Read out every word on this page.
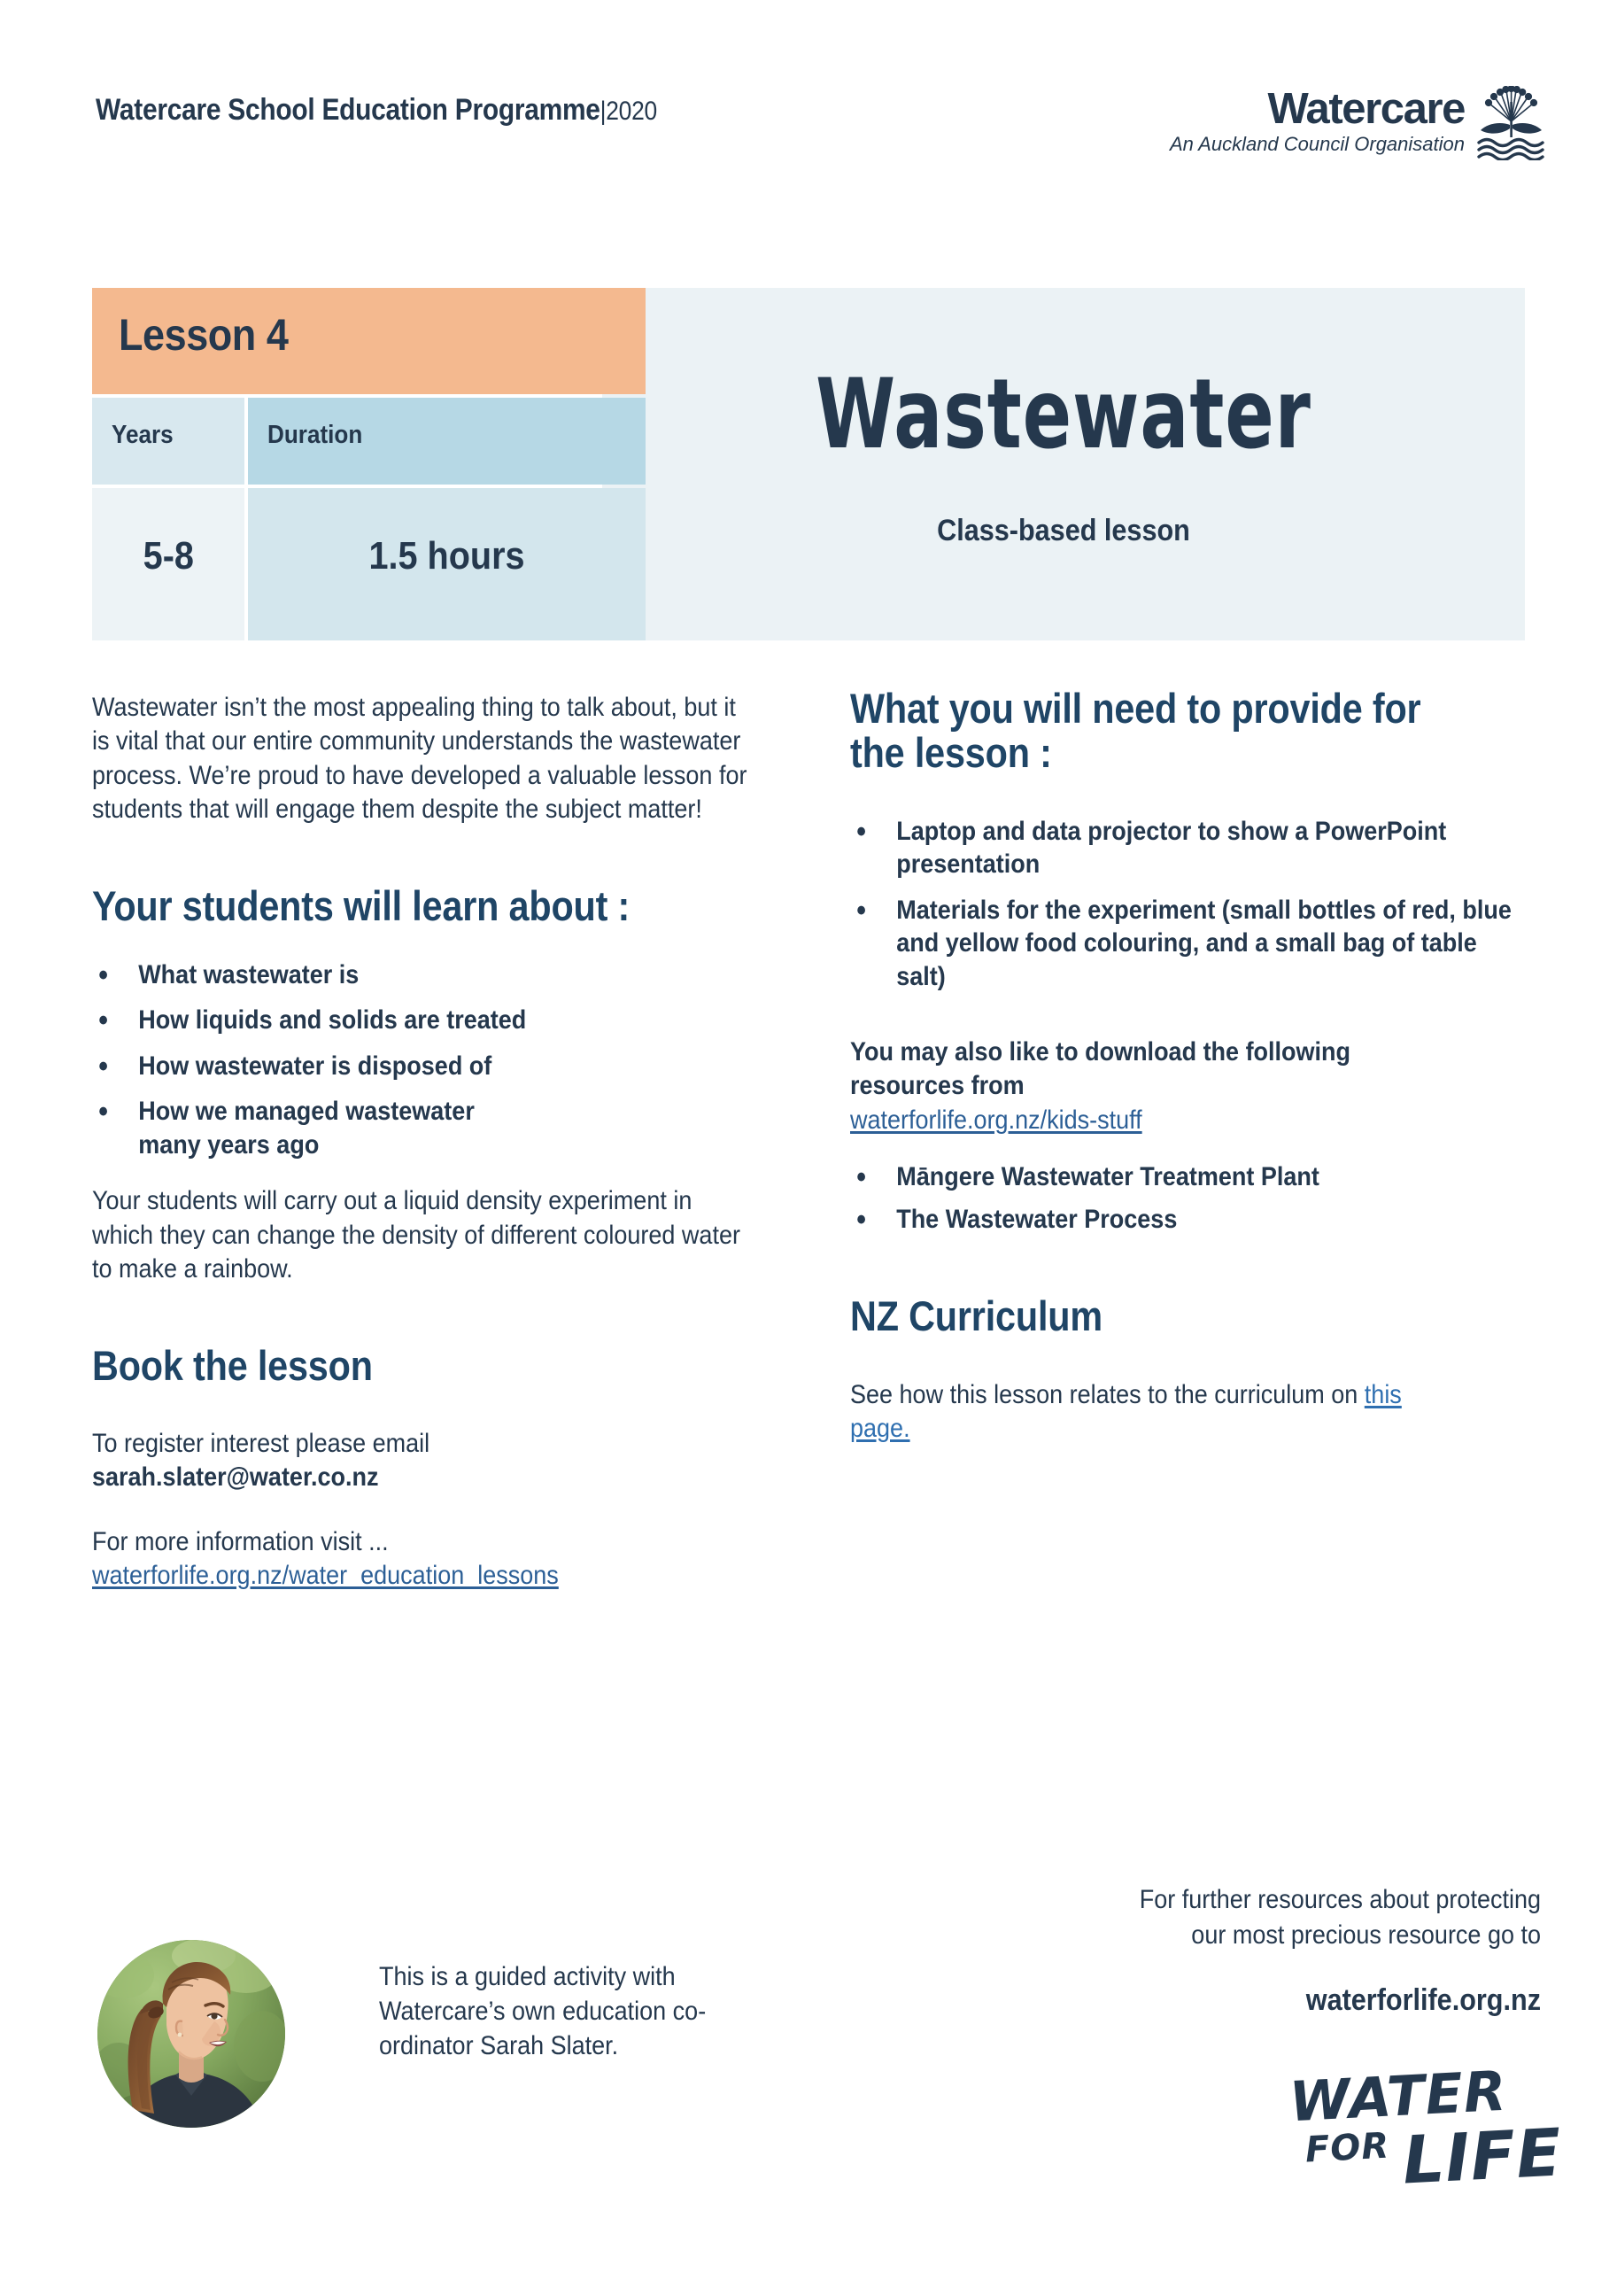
Watercare School Education Programme|2020	Watercare
An Auckland Council Organisation
Wastewater
Class-based lesson
Lesson 4
Years	Duration
5-8	1.5 hours
Wastewater isn’t the most appealing thing to talk about, but it is vital that our entire community understands the wastewater process. We’re proud to have developed a valuable lesson for students that will engage them despite the subject matter!
Your students will learn about :
• What wastewater is
• How liquids and solids are treated
• How wastewater is disposed of
• How we managed wastewater many years ago
Your students will carry out a liquid density experiment in which they can change the density of different coloured water to make a rainbow.
Book the lesson
To register interest please email
sarah.slater@water.co.nz
For more information visit ...
waterforlife.org.nz/water_education_lessons
What you will need to provide for the lesson :
• Laptop and data projector to show a PowerPoint presentation
• Materials for the experiment (small bottles of red, blue and yellow food colouring, and a small bag of table salt)
You may also like to download the following resources from
waterforlife.org.nz/kids-stuff
• Māngere Wastewater Treatment Plant
• The Wastewater Process
NZ Curriculum
See how this lesson relates to the curriculum on this page.
This is a guided activity with Watercare’s own education co-ordinator Sarah Slater.
For further resources about protecting
our most precious resource go to
waterforlife.org.nz
WATER
FOR LIFE
